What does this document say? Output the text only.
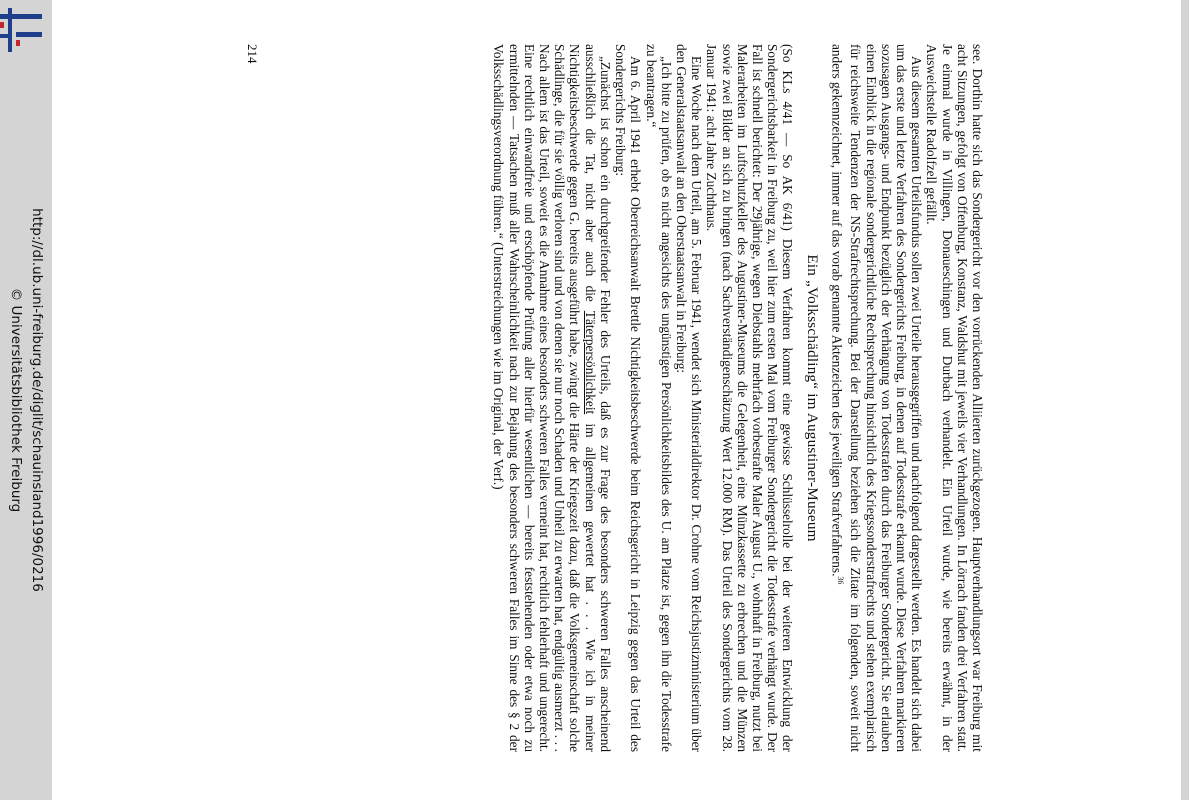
http://dl.ub.uni-freiburg.de/diglit/schauinsland1996/0216
© Universitätsbibliothek Freiburg	see. Dorthin hatte sich das Sondergericht vor den vorrückenden Alliierten zurückgezogen. Hauptverhandlungsort war Freiburg mit acht Sitzungen, gefolgt von Offenburg, Konstanz, Waldshut mit jeweils vier Verhandlungen. In Lörrach fanden drei Verfahren statt. Je einmal wurde in Villingen, Donaueschingen und Durbach verhandelt. Ein Urteil wurde, wie bereits erwähnt, in der Ausweichstelle Radolfzell gefällt.

Aus diesem gesamten Urteilsfundus sollen zwei Urteile herausgegriffen und nachfolgend dargestellt werden. Es handelt sich dabei um das erste und letzte Verfahren des Sondergerichts Freiburg, in denen auf Todesstrafe erkannt wurde. Diese Verfahren markieren sozusagen Ausgangs- und Endpunkt bezüglich der Verhängung von Todesstrafen durch das Freiburger Sondergericht. Sie erlauben einen Einblick in die regionale sondergerichtliche Rechtsprechung hinsichtlich des Kriegssonderstrafrechts und stehen exemplarisch für reichsweite Tendenzen der NS-Strafrechtsprechung. Bei der Darstellung beziehen sich die Zitate im folgenden, soweit nicht anders gekennzeichnet, immer auf das vorab genannte Aktenzeichen des jeweiligen Strafverfahrens.$^{36}$

Ein „Volksschädling“ im Augustiner-Museum

(So KLs 4/41 — So AK 6/41) Diesem Verfahren kommt eine gewisse Schlüsselrolle bei der weiteren Entwicklung der Sondergerichtsbarkeit in Freiburg zu, weil hier zum ersten Mal vom Freiburger Sondergericht die Todesstrafe verhängt wurde. Der Fall ist schnell berichtet: Der 29jährige, wegen Diebstahls mehrfach vorbestrafte Maler August U., wohnhaft in Freiburg, nutzt bei Malerarbeiten im Luftschutzkeller des Augustiner-Museums die Gelegenheit, eine Münzkassette zu erbrechen und die Münzen sowie zwei Bilder an sich zu bringen (nach Sachverständigenschätzung Wert 12.000 RM). Das Urteil des Sondergerichts vom 28. Januar 1941: acht Jahre Zuchthaus.

Eine Woche nach dem Urteil, am 5. Februar 1941, wendet sich Ministerialdirektor Dr. Crohne vom Reichsjustizministerium über den Generalstaatsanwalt an den Oberstaatsanwalt in Freiburg:

„Ich bitte zu prüfen, ob es nicht angesichts des ungünstigen Persönlichkeitsbildes des U. am Platze ist, gegen ihn die Todesstrafe zu beantragen.“

Am 6. April 1941 erhebt Oberreichsanwalt Brettle Nichtigkeitsbeschwerde beim Reichsgericht in Leipzig gegen das Urteil des Sondergerichts Freiburg:

„Zunächst ist schon ein durchgreifender Fehler des Urteils, daß es zur Frage des besonders schweren Falles anscheinend ausschließlich die Tat, nicht aber auch die Täterpersönlichkeit im allgemeinen gewertet hat . . . Wie ich in meiner Nichtigkeitsbeschwerde gegen G. bereits ausgeführt habe, zwingt die Härte der Kriegszeit dazu, daß die Volksgemeinschaft solche Schädlinge, die für sie völlig verloren sind und von denen sie nur noch Schaden und Unheil zu erwarten hat, endgültig ausmerzt . . . Nach allem ist das Urteil, soweit es die Annahme eines besonders schweren Falles verneint hat, rechtlich fehlerhaft und ungerecht. Eine rechtlich einwandfreie und erschöpfende Prüfung aller hierfür wesentlichen — bereits feststehenden oder etwa noch zu ermittelnden — Tatsachen muß aller Wahrscheinlichkeit nach zur Bejahung des besonders schweren Falles im Sinne des § 2 der Volksschädlingsverordnung führen.“ (Unterstreichungen wie im Original, der Verf.)

214
